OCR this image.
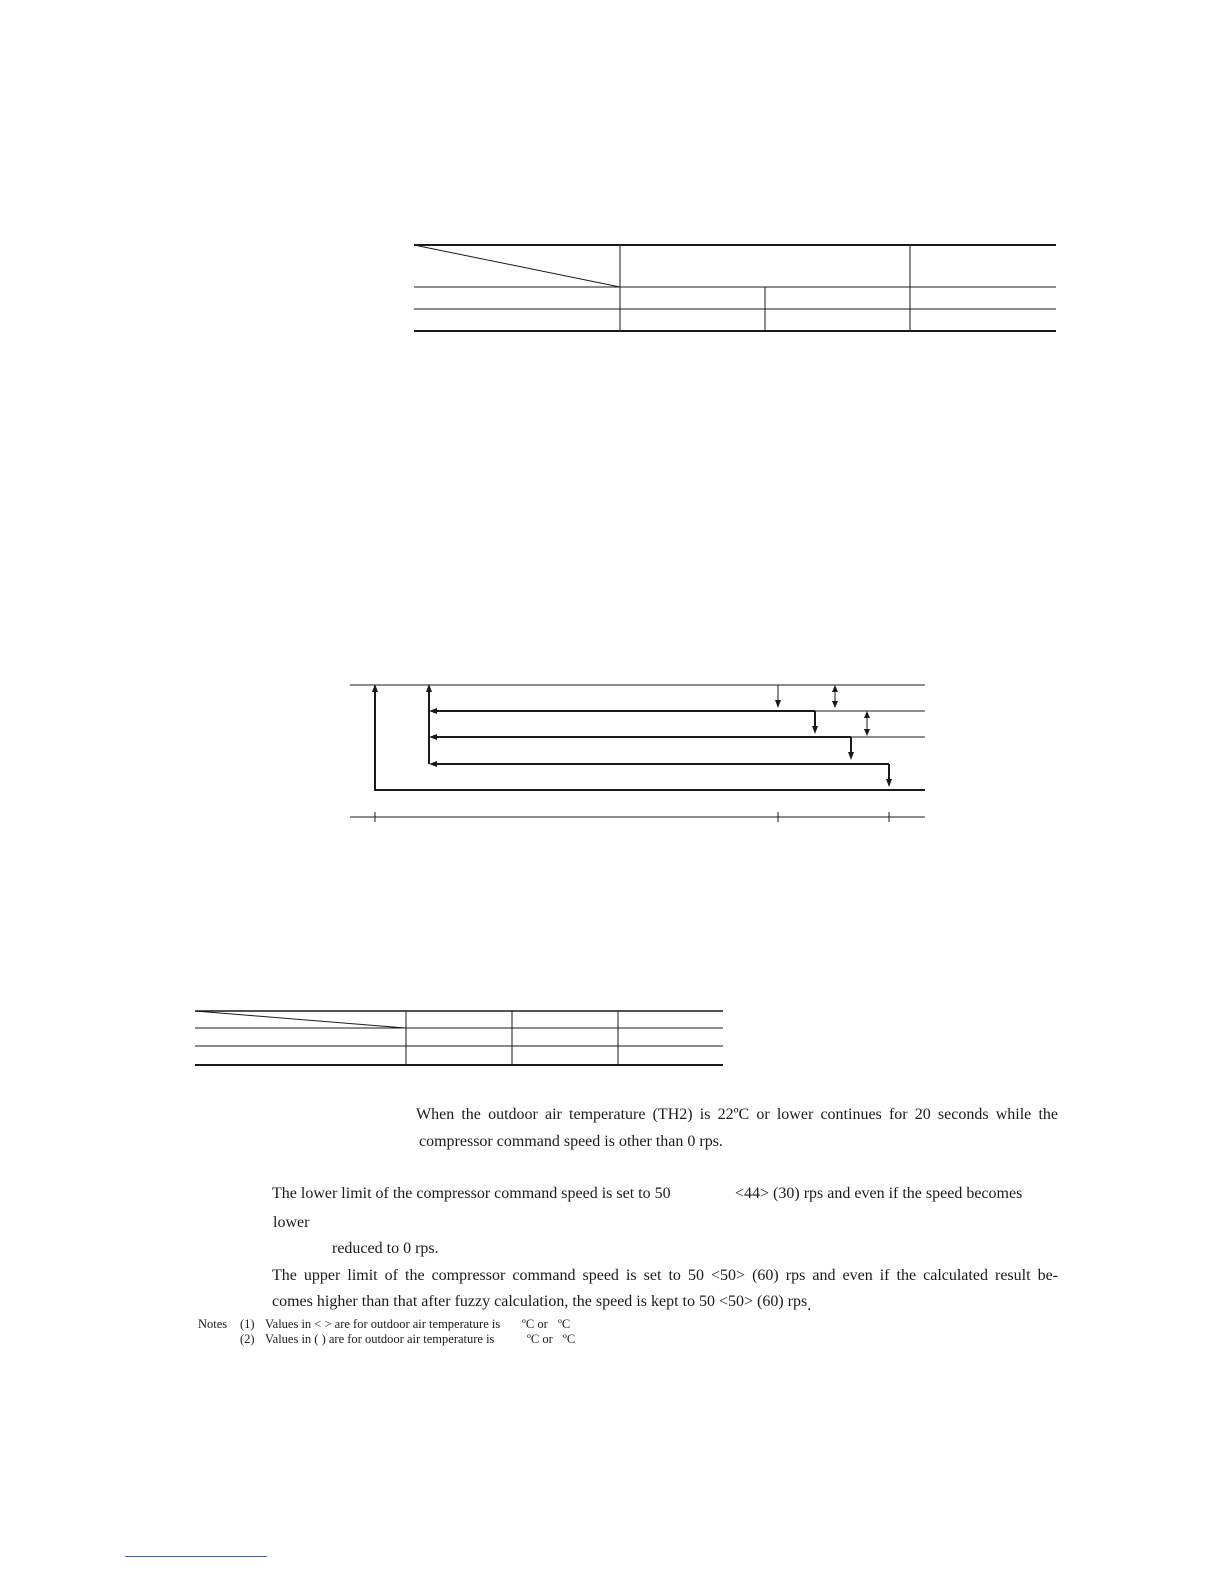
When the outdoor air temperature (TH2) is 22ºC or lower continues for 20 seconds while the
compressor command speed is other than 0 rps.
The lower limit of the compressor command speed is set to 50	<44> (30) rps and even if the speed becomes
lower
reduced to 0 rps.
The upper limit of the compressor command speed is set to 50 <50> (60) rps and even if the calculated result be-
comes higher than that after fuzzy calculation, the speed is kept to 50 <50> (60) rps.
Notes (1) Values in < > are for outdoor air temperature is ºC or ºC
(2) Values in ( ) are for outdoor air temperature is	ºC or ºC
